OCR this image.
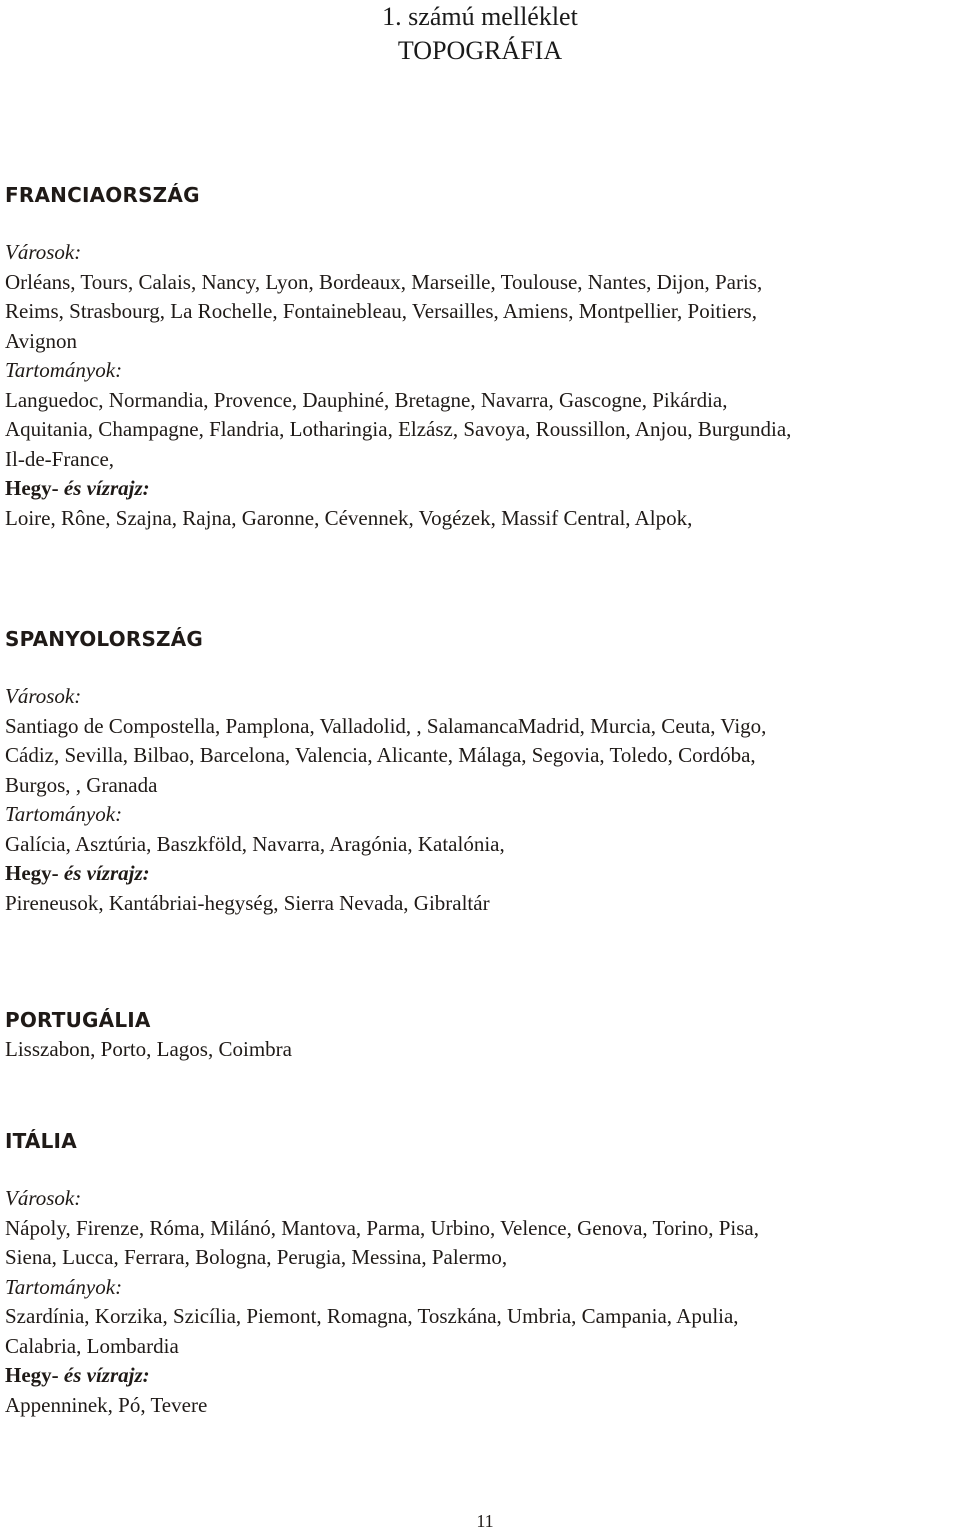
1. számú melléklet
TOPOGRÁFIA
FRANCIAORSZÁG
Városok:

Orléans, Tours, Calais, Nancy, Lyon, Bordeaux, Marseille, Toulouse, Nantes, Dijon, Paris,

Reims, Strasbourg, La Rochelle, Fontainebleau, Versailles, Amiens, Montpellier, Poitiers,

Avignon

Tartományok:

Languedoc, Normandia, Provence, Dauphiné, Bretagne, Navarra, Gascogne, Pikárdia,

Aquitania, Champagne, Flandria, Lotharingia, Elzász, Savoya, Roussillon, Anjou, Burgundia,

Il-de-France,

Hegy- és vízrajz:

Loire, Rône, Szajna, Rajna, Garonne, Cévennek, Vogézek, Massif Central, Alpok,

SPANYOLORSZÁG
Városok:

Santiago de Compostella, Pamplona, Valladolid, , SalamancaMadrid, Murcia, Ceuta, Vigo,

Cádiz, Sevilla, Bilbao, Barcelona, Valencia, Alicante, Málaga, Segovia, Toledo, Cordóba,

Burgos, , Granada

Tartományok:

Galícia, Asztúria, Baszkföld, Navarra, Aragónia, Katalónia,

Hegy- és vízrajz:

Pireneusok, Kantábriai-hegység, Sierra Nevada, Gibraltár

PORTUGÁLIA

Lisszabon, Porto, Lagos, Coimbra

ITÁLIA
Városok:

Nápoly, Firenze, Róma, Milánó, Mantova, Parma, Urbino, Velence, Genova, Torino, Pisa,

Siena, Lucca, Ferrara, Bologna, Perugia, Messina, Palermo,

Tartományok:

Szardínia, Korzika, Szicília, Piemont, Romagna, Toszkána, Umbria, Campania, Apulia,

Calabria, Lombardia

Hegy- és vízrajz:

Appenninek, Pó, Tevere

11
